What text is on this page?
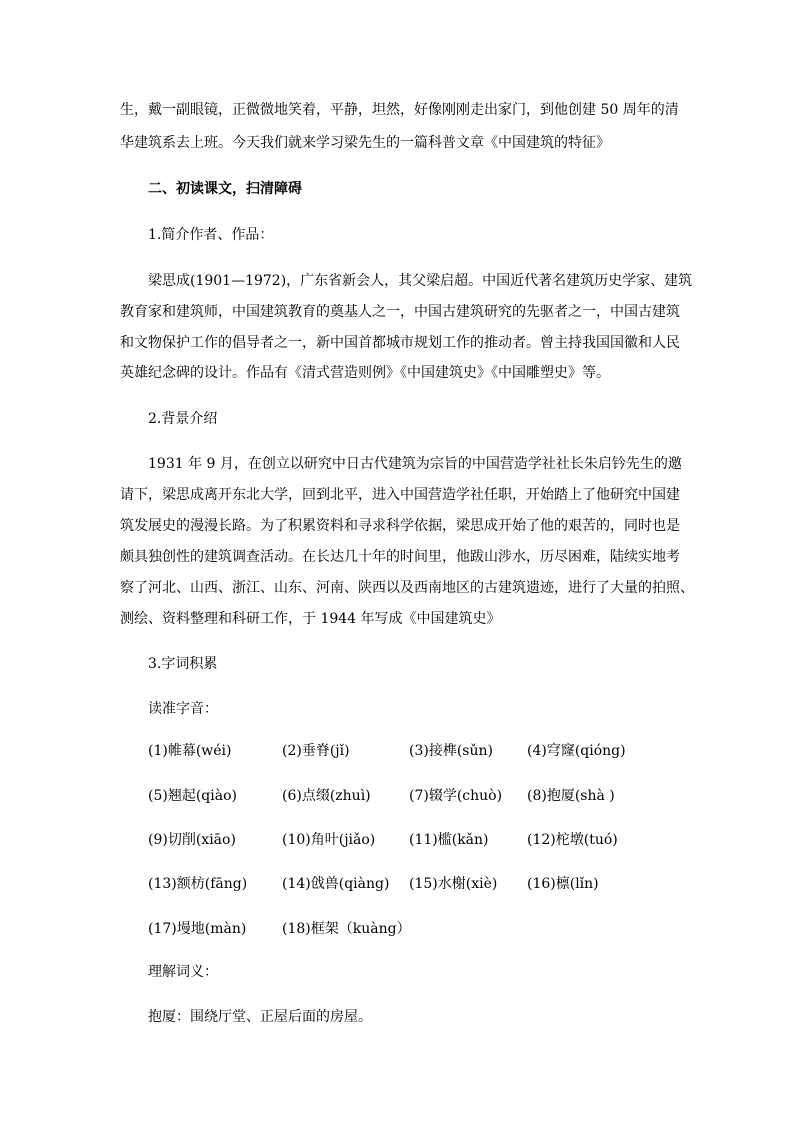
生，戴一副眼镜，正微微地笑着，平静，坦然，好像刚刚走出家门，到他创建 50 周年的清
华建筑系去上班。今天我们就来学习梁先生的一篇科普文章《中国建筑的特征》
二、初读课文，扫清障碍
1.简介作者、作品：
梁思成(1901—1972)，广东省新会人，其父梁启超。中国近代著名建筑历史学家、建筑
教育家和建筑师，中国建筑教育的奠基人之一，中国古建筑研究的先驱者之一，中国古建筑
和文物保护工作的倡导者之一，新中国首都城市规划工作的推动者。曾主持我国国徽和人民
英雄纪念碑的设计。作品有《清式营造则例》《中国建筑史》《中国雕塑史》等。
2.背景介绍
1931 年 9 月，在创立以研究中日古代建筑为宗旨的中国营造学社社长朱启钤先生的邀
请下，梁思成离开东北大学，回到北平，进入中国营造学社任职，开始踏上了他研究中国建
筑发展史的漫漫长路。为了积累资料和寻求科学依据，梁思成开始了他的艰苦的，同时也是
颇具独创性的建筑调查活动。在长达几十年的时间里，他跋山涉水，历尽困难，陆续实地考
察了河北、山西、浙江、山东、河南、陕西以及西南地区的古建筑遗迹，进行了大量的拍照、
测绘、资料整理和科研工作，于 1944 年写成《中国建筑史》
3.字词积累
读准字音：
(1)帷幕(wéi)	(2)垂脊(jǐ)	(3)接榫(sǔn) (4)穹窿(qióng)
(5)翘起(qiào)	(6)点缀(zhuì)	(7)辍学(chuò) (8)抱厦(shà )
(9)切削(xiāo)	(10)角叶(jiǎo) (11)槛(kǎn)	(12)柁墩(tuó)
(13)额枋(fāng) (14)戗兽(qiàng) (15)水榭(xiè) (16)檩(lǐn)
(17)墁地(màn)	(18)框架（kuàng）
理解词义：
抱厦：围绕厅堂、正屋后面的房屋。
